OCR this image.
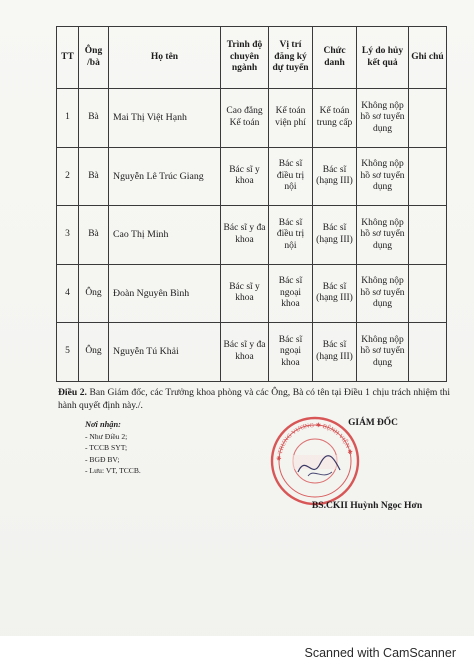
TT	Ông /bà	Họ tên	Trình độ chuyên ngành	Vị trí đăng ký dự tuyển	Chức danh	Lý do hủy kết quả	Ghi chú
1	Bà	Mai Thị Việt Hạnh	Cao đẳng Kế toán	Kế toán viện phí	Kế toán trung cấp	Không nộp hồ sơ tuyển dụng	
2	Bà	Nguyễn Lê Trúc Giang	Bác sĩ y khoa	Bác sĩ điều trị nội	Bác sĩ (hạng III)	Không nộp hồ sơ tuyển dụng	
3	Bà	Cao Thị Minh	Bác sĩ y đa khoa	Bác sĩ điều trị nội	Bác sĩ (hạng III)	Không nộp hồ sơ tuyển dụng	
4	Ông	Đoàn Nguyên Bình	Bác sĩ y khoa	Bác sĩ ngoại khoa	Bác sĩ (hạng III)	Không nộp hồ sơ tuyển dụng	
5	Ông	Nguyễn Tú Khải	Bác sĩ y đa khoa	Bác sĩ ngoại khoa	Bác sĩ (hạng III)	Không nộp hồ sơ tuyển dụng	

Điều 2. Ban Giám đốc, các Trưởng khoa phòng và các Ông, Bà có tên tại Điều 1 chịu trách nhiệm thi hành quyết định này./.

Nơi nhận:
- Như Điều 2;
- TCCB SYT;
- BGĐ BV;
- Lưu: VT, TCCB.
✱ TRƯNG VƯƠNG ✱ BỆNH VIỆN ✱
GIÁM ĐỐC
BS.CKII Huỳnh Ngọc Hơn
Scanned with CamScanner
